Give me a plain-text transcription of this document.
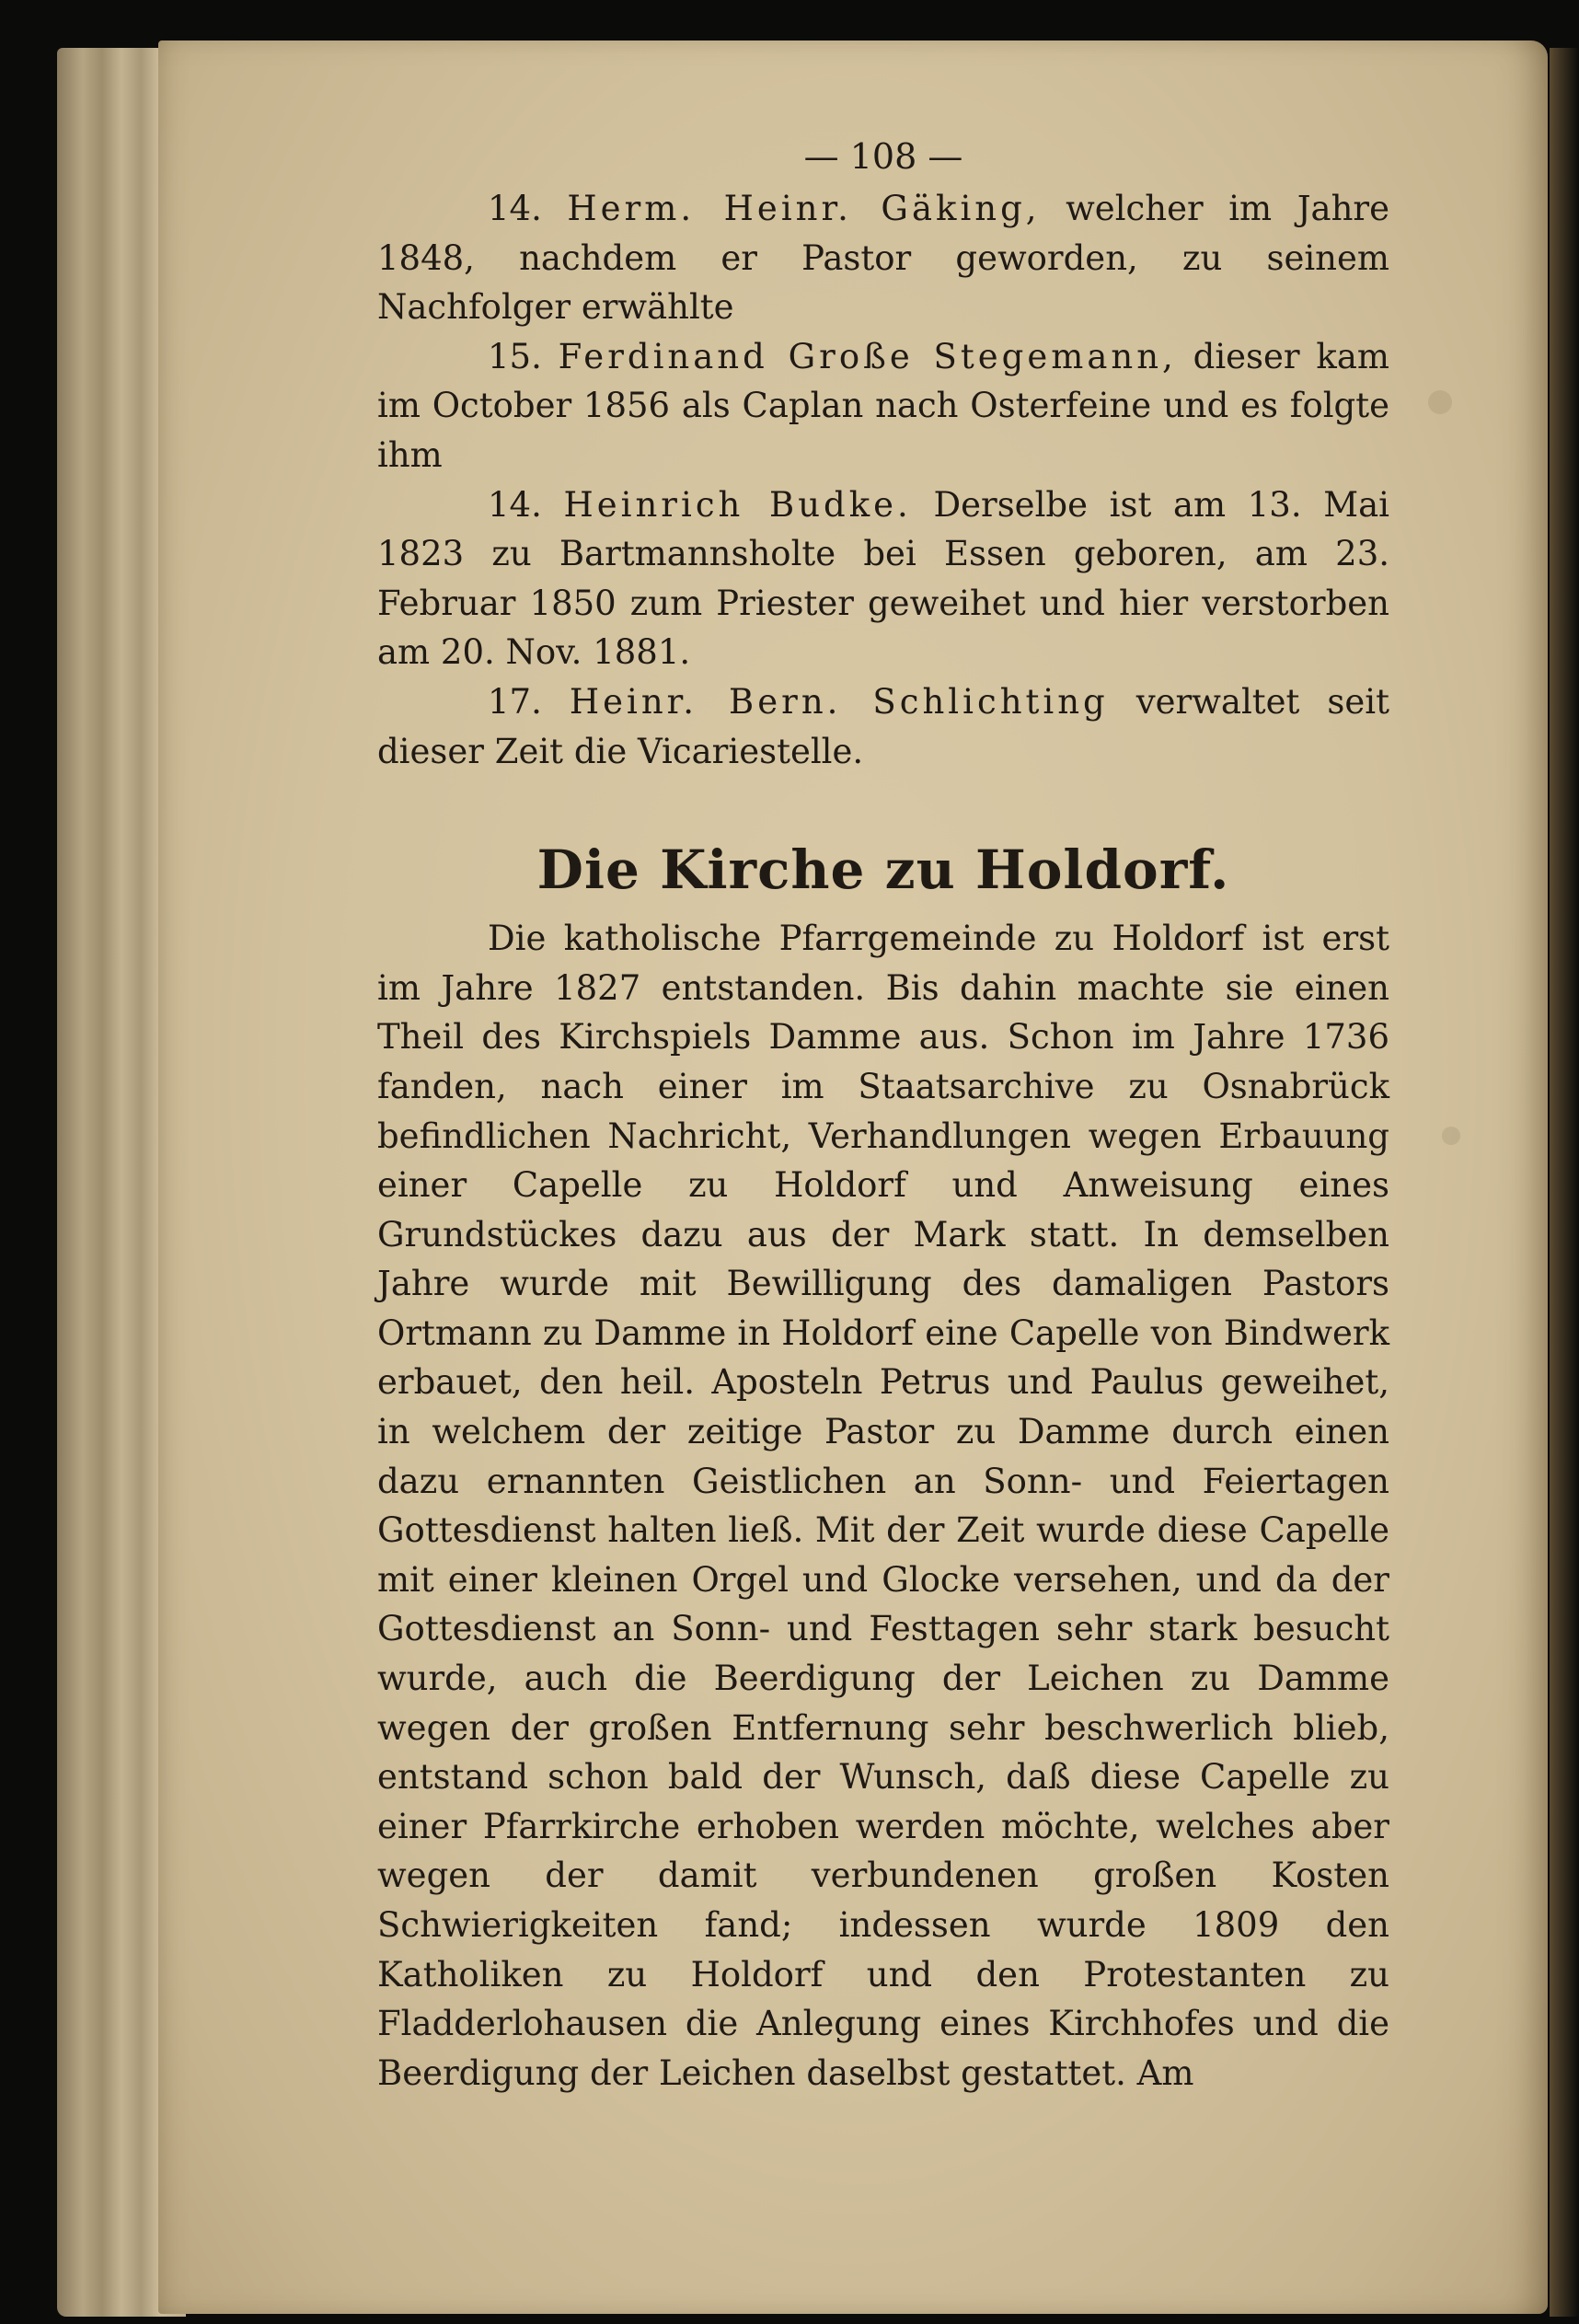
— 108 —

14. Herm. Heinr. Gäking, welcher im Jahre 1848, nachdem er Pastor geworden, zu seinem Nachfolger erwählte

15. Ferdinand Große Stegemann, dieser kam im October 1856 als Caplan nach Osterfeine und es folgte ihm

14. Heinrich Budke. Derselbe ist am 13. Mai 1823 zu Bartmannsholte bei Essen geboren, am 23. Februar 1850 zum Priester geweihet und hier verstorben am 20. Nov. 1881.

17. Heinr. Bern. Schlichting verwaltet seit dieser Zeit die Vicariestelle.

Die Kirche zu Holdorf.

Die katholische Pfarrgemeinde zu Holdorf ist erst im Jahre 1827 entstanden. Bis dahin machte sie einen Theil des Kirchspiels Damme aus. Schon im Jahre 1736 fanden, nach einer im Staatsarchive zu Osnabrück befindlichen Nachricht, Verhandlungen wegen Erbauung einer Capelle zu Holdorf und Anweisung eines Grundstückes dazu aus der Mark statt. In demselben Jahre wurde mit Bewilligung des damaligen Pastors Ortmann zu Damme in Holdorf eine Capelle von Bindwerk erbauet, den heil. Aposteln Petrus und Paulus geweihet, in welchem der zeitige Pastor zu Damme durch einen dazu ernannten Geistlichen an Sonn- und Feiertagen Gottesdienst halten ließ. Mit der Zeit wurde diese Capelle mit einer kleinen Orgel und Glocke versehen, und da der Gottesdienst an Sonn- und Festtagen sehr stark besucht wurde, auch die Beerdigung der Leichen zu Damme wegen der großen Entfernung sehr beschwerlich blieb, entstand schon bald der Wunsch, daß diese Capelle zu einer Pfarrkirche erhoben werden möchte, welches aber wegen der damit verbundenen großen Kosten Schwierigkeiten fand; indessen wurde 1809 den Katholiken zu Holdorf und den Protestanten zu Fladderlohausen die Anlegung eines Kirchhofes und die Beerdigung der Leichen daselbst gestattet. Am
